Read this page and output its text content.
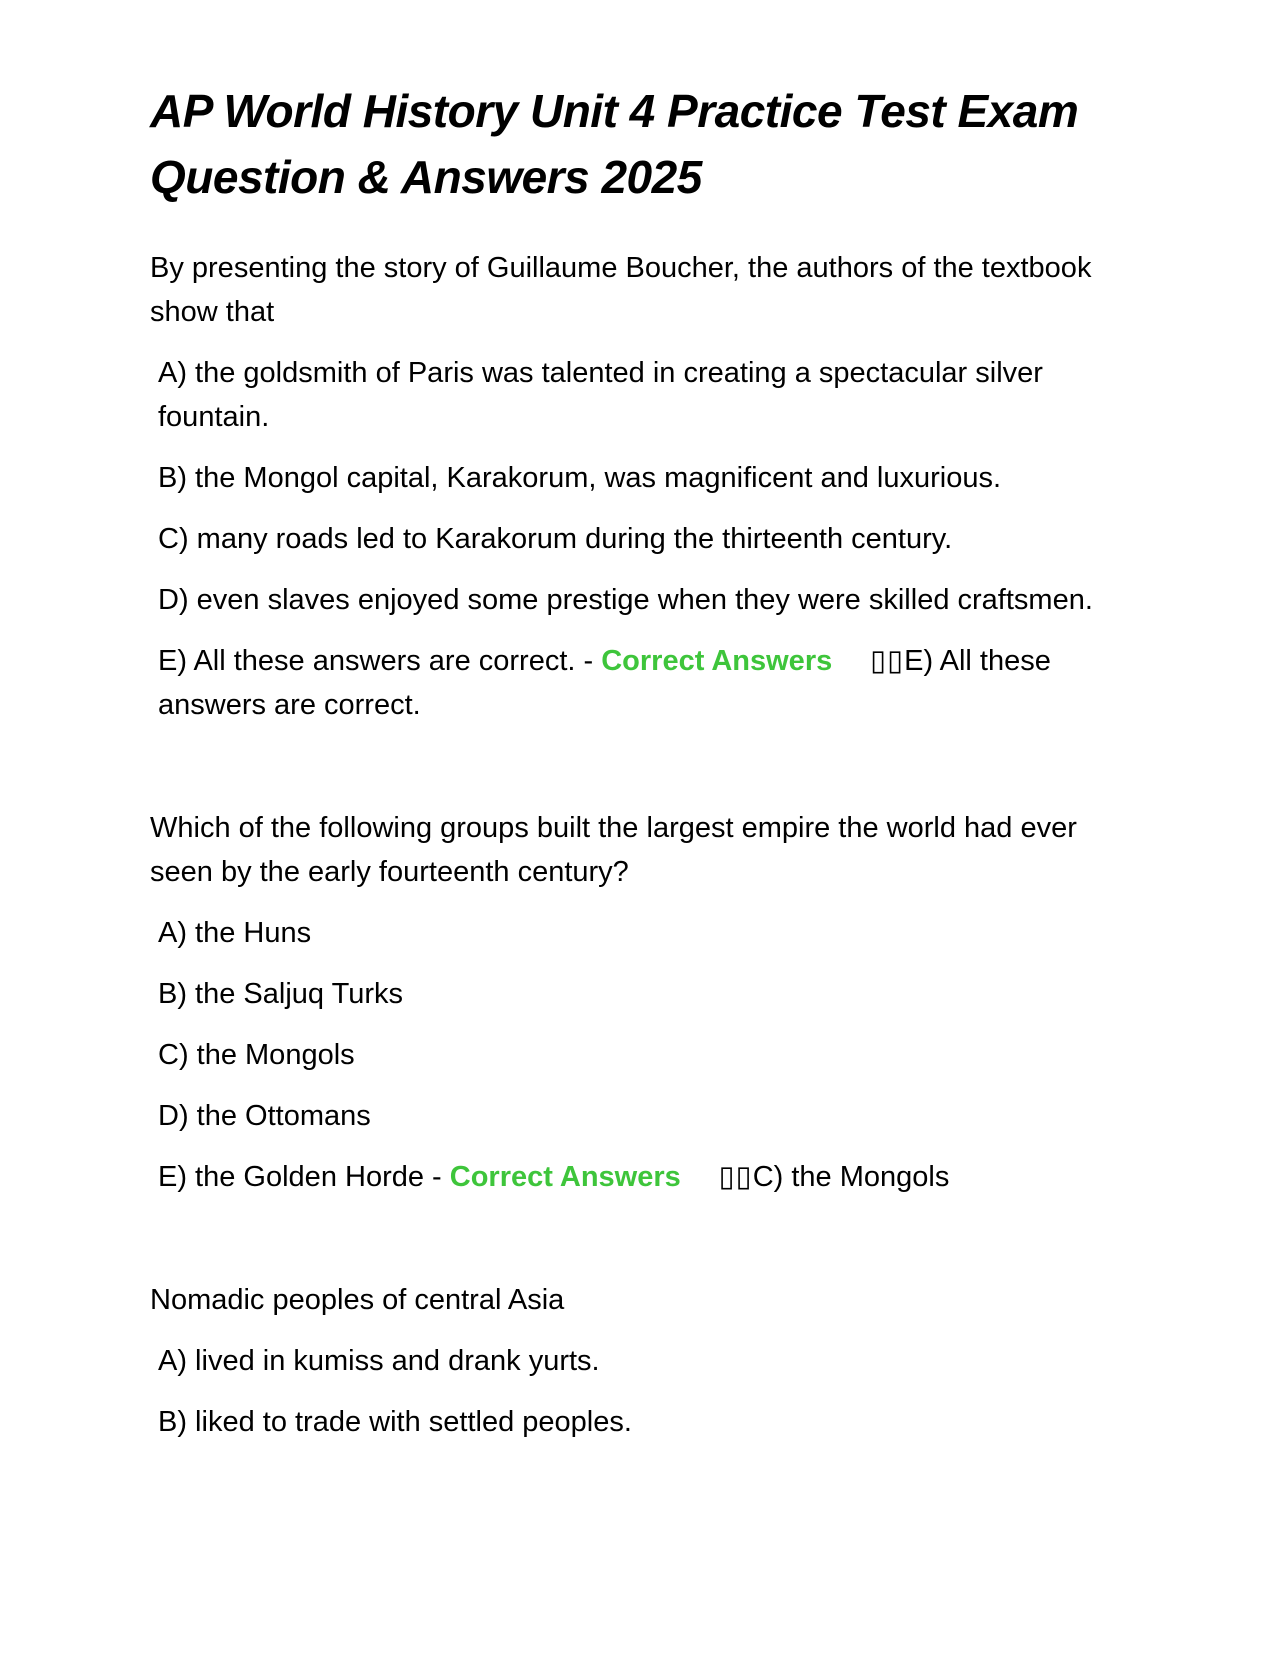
AP World History Unit 4 Practice Test Exam Question & Answers 2025

By presenting the story of Guillaume Boucher, the authors of the textbook show that

A) the goldsmith of Paris was talented in creating a spectacular silver fountain.

B) the Mongol capital, Karakorum, was magnificent and luxurious.

C) many roads led to Karakorum during the thirteenth century.

D) even slaves enjoyed some prestige when they were skilled craftsmen.

E) All these answers are correct. - Correct Answers ▯▯E) All these answers are correct.

Which of the following groups built the largest empire the world had ever seen by the early fourteenth century?

A) the Huns

B) the Saljuq Turks

C) the Mongols

D) the Ottomans

E) the Golden Horde - Correct Answers ▯▯C) the Mongols

Nomadic peoples of central Asia

A) lived in kumiss and drank yurts.

B) liked to trade with settled peoples.
